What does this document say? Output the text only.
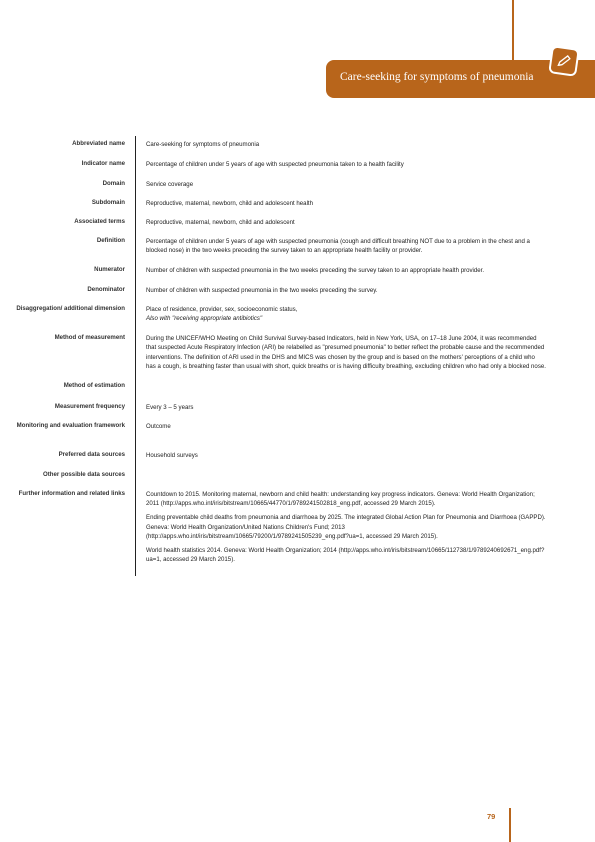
Care-seeking for symptoms of pneumonia
Abbreviated name	Care-seeking for symptoms of pneumonia
Indicator name	Percentage of children under 5 years of age with suspected pneumonia taken to a health facility
Domain	Service coverage
Subdomain	Reproductive, maternal, newborn, child and adolescent health
Associated terms	Reproductive, maternal, newborn, child and adolescent
Definition	Percentage of children under 5 years of age with suspected pneumonia (cough and difficult breathing NOT due to a problem in the chest and a blocked nose) in the two weeks preceding the survey taken to an appropriate health facility or provider.
Numerator	Number of children with suspected pneumonia in the two weeks preceding the survey taken to an appropriate health provider.
Denominator	Number of children with suspected pneumonia in the two weeks preceding the survey.
Disaggregation/ additional dimension	Place of residence, provider, sex, socioeconomic status,
Also with "receiving appropriate antibiotics"
Method of measurement	During the UNICEF/WHO Meeting on Child Survival Survey-based Indicators, held in New York, USA, on 17–18 June 2004, it was recommended that suspected Acute Respiratory Infection (ARI) be relabelled as "presumed pneumonia" to better reflect the probable cause and the recommended interventions. The definition of ARI used in the DHS and MICS was chosen by the group and is based on the mothers' perceptions of a child who has a cough, is breathing faster than usual with short, quick breaths or is having difficulty breathing, excluding children who had only a blocked nose.
Method of estimation
Measurement frequency	Every 3 – 5 years
Monitoring and evaluation framework	Outcome
Preferred data sources	Household surveys
Other possible data sources
Further information and related links	Countdown to 2015. Monitoring maternal, newborn and child health: understanding key progress indicators. Geneva: World Health Organization; 2011 (http://apps.who.int/iris/bitstream/10665/44770/1/9789241502818_eng.pdf, accessed 29 March 2015).

Ending preventable child deaths from pneumonia and diarrhoea by 2025. The integrated Global Action Plan for Pneumonia and Diarrhoea (GAPPD). Geneva: World Health Organization/United Nations Children's Fund; 2013 (http://apps.who.int/iris/bitstream/10665/79200/1/9789241505239_eng.pdf?ua=1, accessed 29 March 2015).

World health statistics 2014. Geneva: World Health Organization; 2014 (http://apps.who.int/iris/bitstream/10665/112738/1/9789240692671_eng.pdf?ua=1, accessed 29 March 2015).

79
